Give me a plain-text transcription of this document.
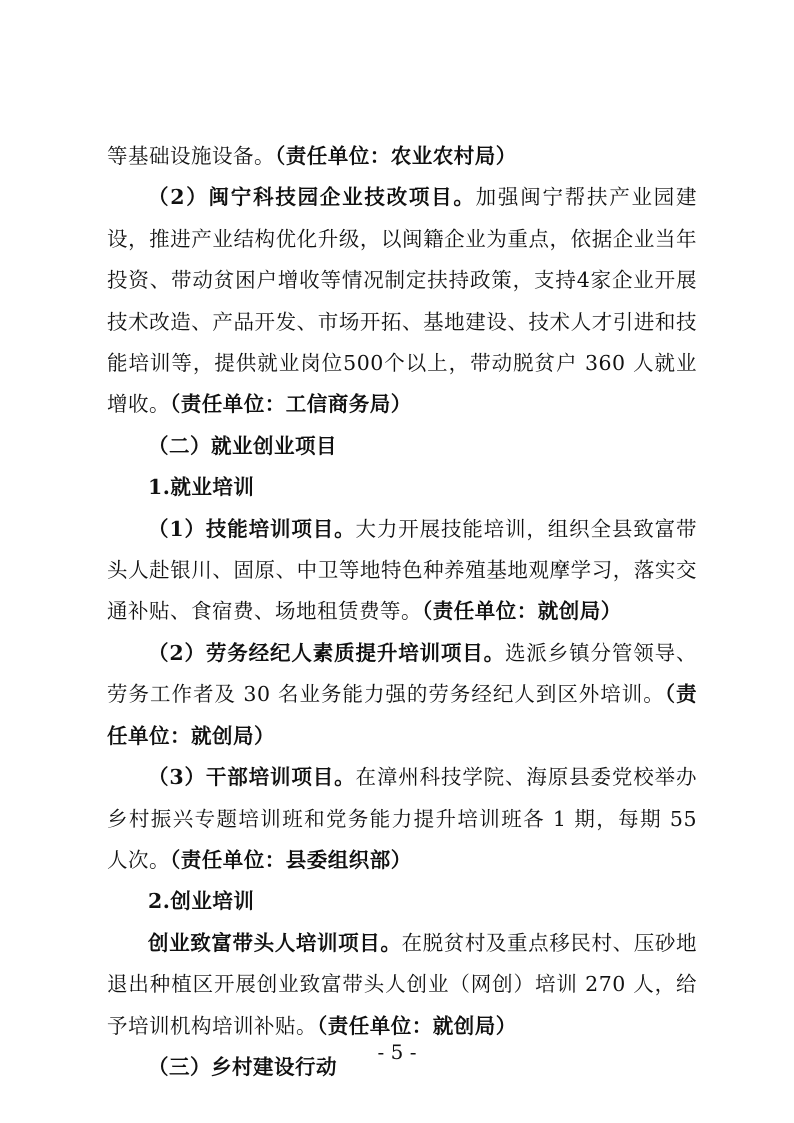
等基础设施设备。（责任单位：农业农村局）

（2）闽宁科技园企业技改项目。加强闽宁帮扶产业园建设，推进产业结构优化升级，以闽籍企业为重点，依据企业当年投资、带动贫困户增收等情况制定扶持政策，支持4家企业开展技术改造、产品开发、市场开拓、基地建设、技术人才引进和技能培训等，提供就业岗位500个以上，带动脱贫户 360 人就业增收。（责任单位：工信商务局）

（二）就业创业项目

1.就业培训

（1）技能培训项目。大力开展技能培训，组织全县致富带头人赴银川、固原、中卫等地特色种养殖基地观摩学习，落实交通补贴、食宿费、场地租赁费等。（责任单位：就创局）

（2）劳务经纪人素质提升培训项目。选派乡镇分管领导、劳务工作者及 30 名业务能力强的劳务经纪人到区外培训。（责任单位：就创局）

（3）干部培训项目。在漳州科技学院、海原县委党校举办乡村振兴专题培训班和党务能力提升培训班各 1 期，每期 55 人次。（责任单位：县委组织部）

2.创业培训

创业致富带头人培训项目。在脱贫村及重点移民村、压砂地退出种植区开展创业致富带头人创业（网创）培训 270 人，给予培训机构培训补贴。（责任单位：就创局）

（三）乡村建设行动

- 5 -
